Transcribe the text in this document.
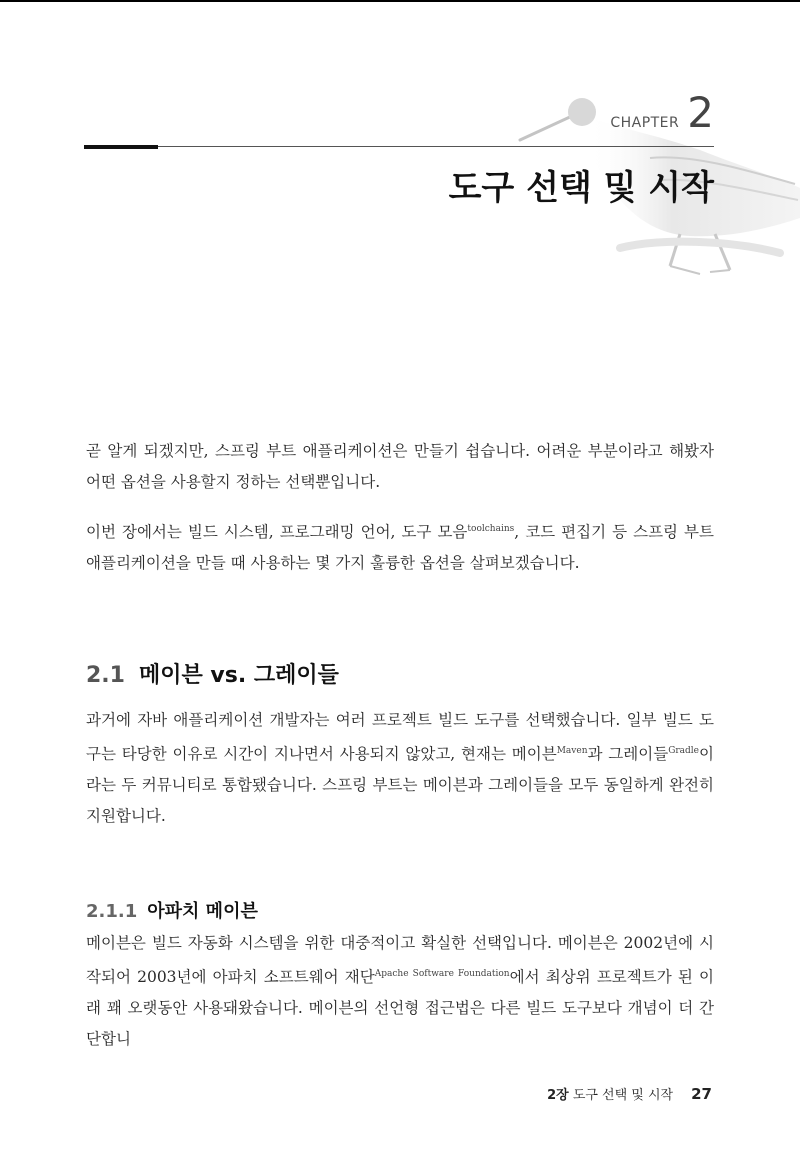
CHAPTER 2
도구 선택 및 시작

곧 알게 되겠지만, 스프링 부트 애플리케이션은 만들기 쉽습니다. 어려운 부분이라고 해봤자 어떤 옵션을 사용할지 정하는 선택뿐입니다.

이번 장에서는 빌드 시스템, 프로그래밍 언어, 도구 모음$^{toolchains}$, 코드 편집기 등 스프링 부트 애플리케이션을 만들 때 사용하는 몇 가지 훌륭한 옵션을 살펴보겠습니다.

2.1 메이븐 vs. 그레이들

과거에 자바 애플리케이션 개발자는 여러 프로젝트 빌드 도구를 선택했습니다. 일부 빌드 도구는 타당한 이유로 시간이 지나면서 사용되지 않았고, 현재는 메이븐$^{Maven}$과 그레이들$^{Gradle}$이라는 두 커뮤니티로 통합됐습니다. 스프링 부트는 메이븐과 그레이들을 모두 동일하게 완전히 지원합니다.

2.1.1 아파치 메이븐

메이븐은 빌드 자동화 시스템을 위한 대중적이고 확실한 선택입니다. 메이븐은 2002년에 시작되어 2003년에 아파치 소프트웨어 재단$^{Apache Software Foundation}$에서 최상위 프로젝트가 된 이래 꽤 오랫동안 사용돼왔습니다. 메이븐의 선언형 접근법은 다른 빌드 도구보다 개념이 더 간단합니

2장 도구 선택 및 시작 27
